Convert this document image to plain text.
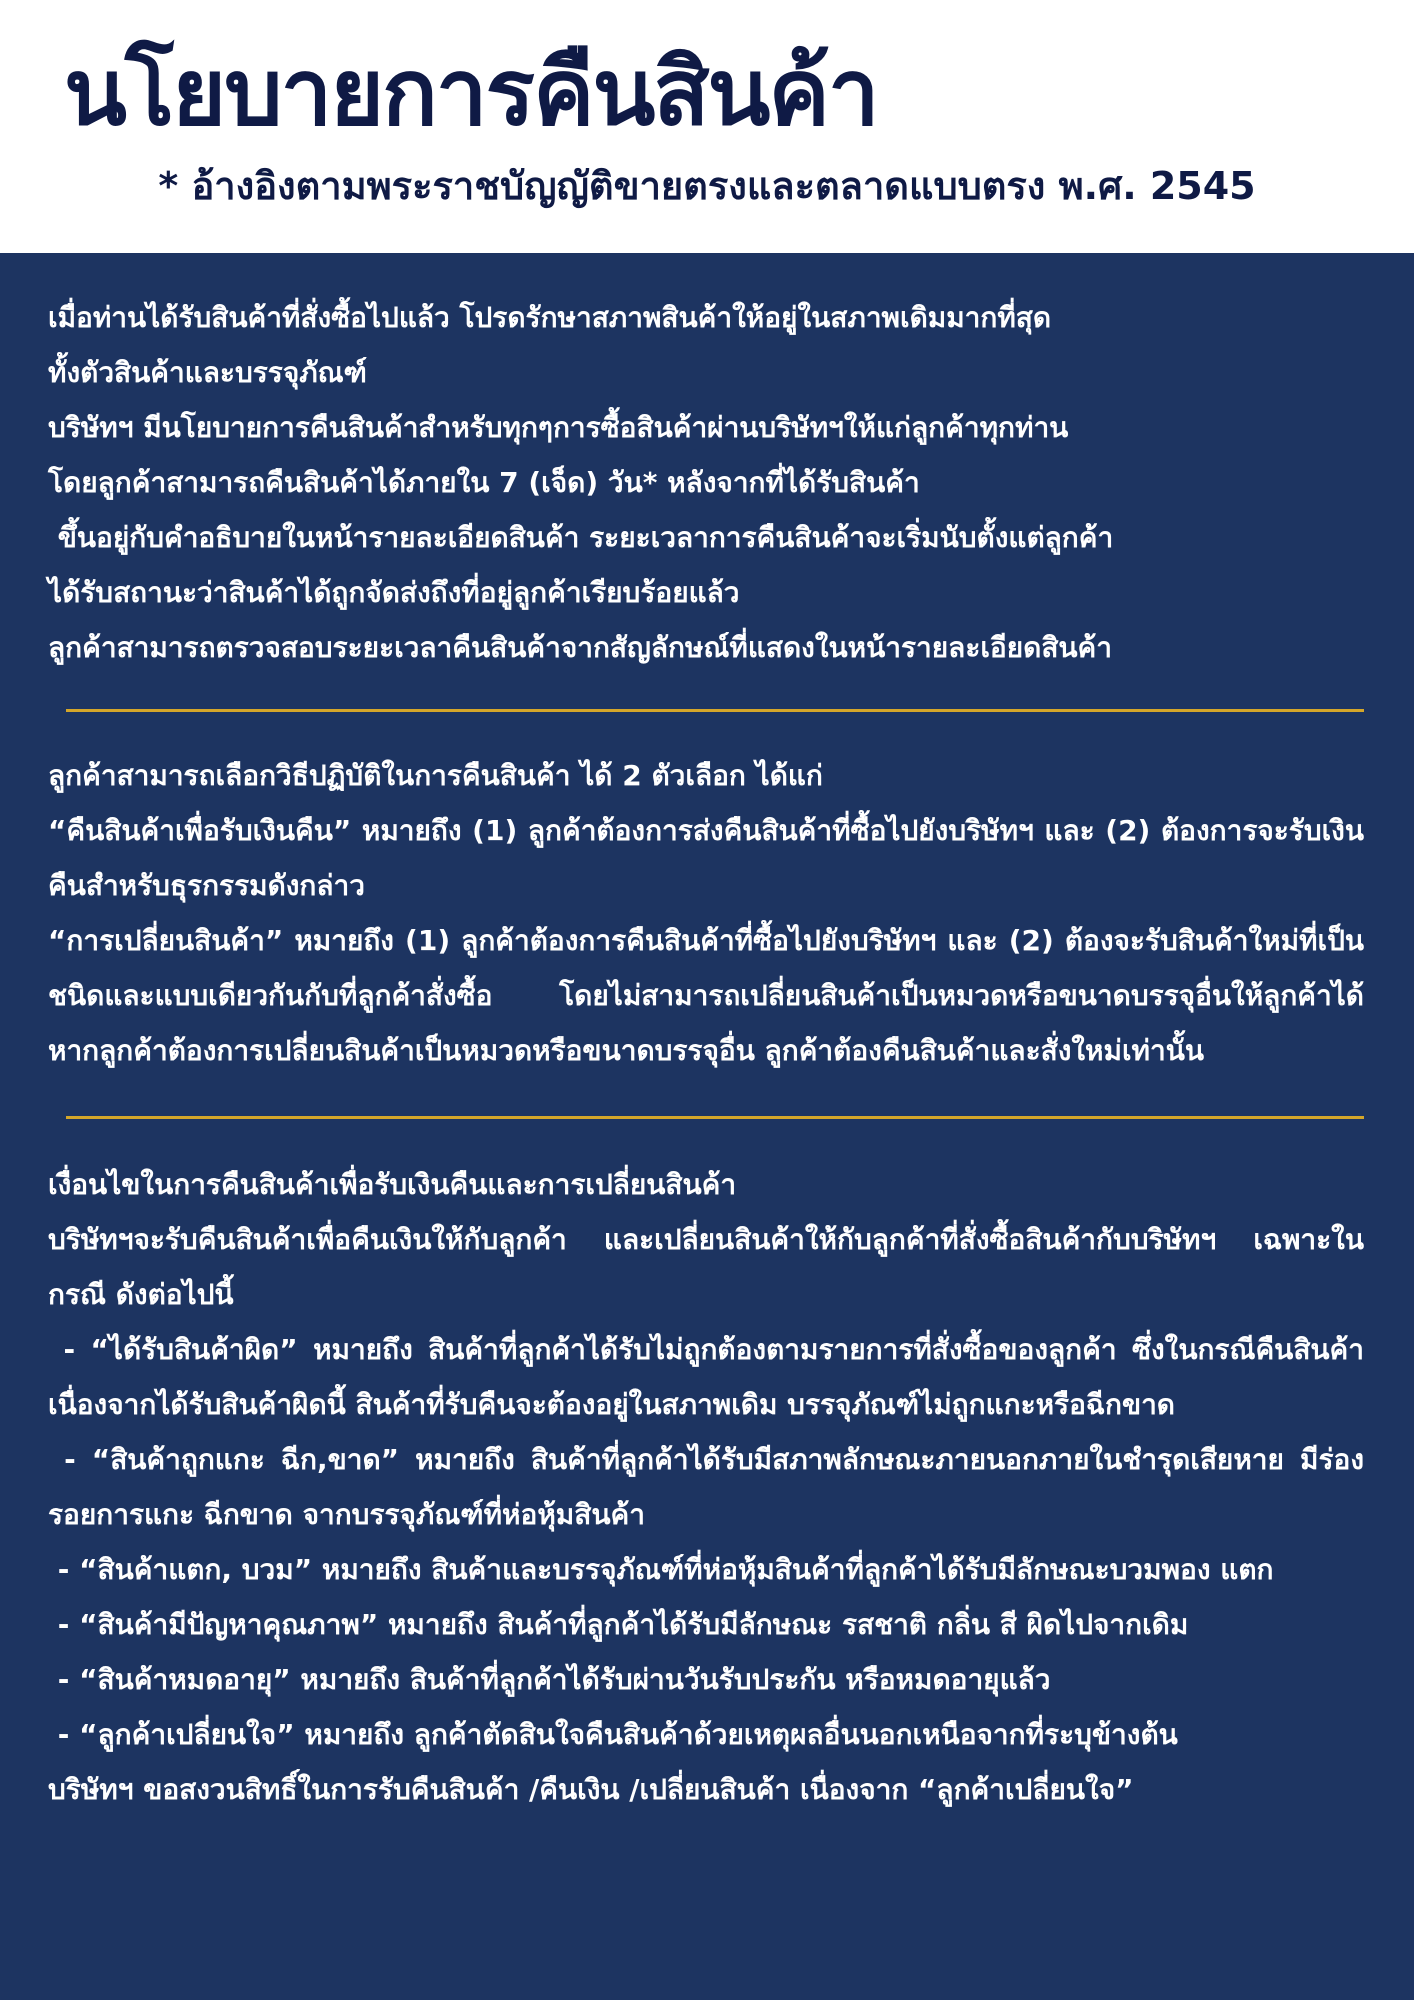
นโยบายการคืนสินค้า

* อ้างอิงตามพระราชบัญญัติขายตรงและตลาดแบบตรง พ.ศ. 2545

เมื่อท่านได้รับสินค้าที่สั่งซื้อไปแล้ว โปรดรักษาสภาพสินค้าให้อยู่ในสภาพเดิมมากที่สุด

ทั้งตัวสินค้าและบรรจุภัณฑ์

บริษัทฯ มีนโยบายการคืนสินค้าสำหรับทุกๆการซื้อสินค้าผ่านบริษัทฯให้แก่ลูกค้าทุกท่าน

โดยลูกค้าสามารถคืนสินค้าได้ภายใน 7 (เจ็ด) วัน* หลังจากที่ได้รับสินค้า

ขึ้นอยู่กับคำอธิบายในหน้ารายละเอียดสินค้า ระยะเวลาการคืนสินค้าจะเริ่มนับตั้งแต่ลูกค้า

ได้รับสถานะว่าสินค้าได้ถูกจัดส่งถึงที่อยู่ลูกค้าเรียบร้อยแล้ว

ลูกค้าสามารถตรวจสอบระยะเวลาคืนสินค้าจากสัญลักษณ์ที่แสดงในหน้ารายละเอียดสินค้า

ลูกค้าสามารถเลือกวิธีปฏิบัติในการคืนสินค้า ได้ 2 ตัวเลือก ได้แก่

“คืนสินค้าเพื่อรับเงินคืน” หมายถึง (1) ลูกค้าต้องการส่งคืนสินค้าที่ซื้อไปยังบริษัทฯ และ (2) ต้องการจะรับเงินคืนสำหรับธุรกรรมดังกล่าว

“การเปลี่ยนสินค้า” หมายถึง (1) ลูกค้าต้องการคืนสินค้าที่ซื้อไปยังบริษัทฯ และ (2) ต้องจะรับสินค้าใหม่ที่เป็นชนิดและแบบเดียวกันกับที่ลูกค้าสั่งซื้อ โดยไม่สามารถเปลี่ยนสินค้าเป็นหมวดหรือขนาดบรรจุอื่นให้ลูกค้าได้ หากลูกค้าต้องการเปลี่ยนสินค้าเป็นหมวดหรือขนาดบรรจุอื่น ลูกค้าต้องคืนสินค้าและสั่งใหม่เท่านั้น

เงื่อนไขในการคืนสินค้าเพื่อรับเงินคืนและการเปลี่ยนสินค้า

บริษัทฯจะรับคืนสินค้าเพื่อคืนเงินให้กับลูกค้า และเปลี่ยนสินค้าให้กับลูกค้าที่สั่งซื้อสินค้ากับบริษัทฯ เฉพาะในกรณี ดังต่อไปนี้

- “ได้รับสินค้าผิด” หมายถึง สินค้าที่ลูกค้าได้รับไม่ถูกต้องตามรายการที่สั่งซื้อของลูกค้า ซึ่งในกรณีคืนสินค้าเนื่องจากได้รับสินค้าผิดนี้ สินค้าที่รับคืนจะต้องอยู่ในสภาพเดิม บรรจุภัณฑ์ไม่ถูกแกะหรือฉีกขาด

- “สินค้าถูกแกะ ฉีก,ขาด” หมายถึง สินค้าที่ลูกค้าได้รับมีสภาพลักษณะภายนอกภายในชำรุดเสียหาย มีร่องรอยการแกะ ฉีกขาด จากบรรจุภัณฑ์ที่ห่อหุ้มสินค้า

- “สินค้าแตก, บวม” หมายถึง สินค้าและบรรจุภัณฑ์ที่ห่อหุ้มสินค้าที่ลูกค้าได้รับมีลักษณะบวมพอง แตก

- “สินค้ามีปัญหาคุณภาพ” หมายถึง สินค้าที่ลูกค้าได้รับมีลักษณะ รสชาติ กลิ่น สี ผิดไปจากเดิม

- “สินค้าหมดอายุ” หมายถึง สินค้าที่ลูกค้าได้รับผ่านวันรับประกัน หรือหมดอายุแล้ว

- “ลูกค้าเปลี่ยนใจ” หมายถึง ลูกค้าตัดสินใจคืนสินค้าด้วยเหตุผลอื่นนอกเหนือจากที่ระบุข้างต้น

บริษัทฯ ขอสงวนสิทธิ์ในการรับคืนสินค้า /คืนเงิน /เปลี่ยนสินค้า เนื่องจาก “ลูกค้าเปลี่ยนใจ”
